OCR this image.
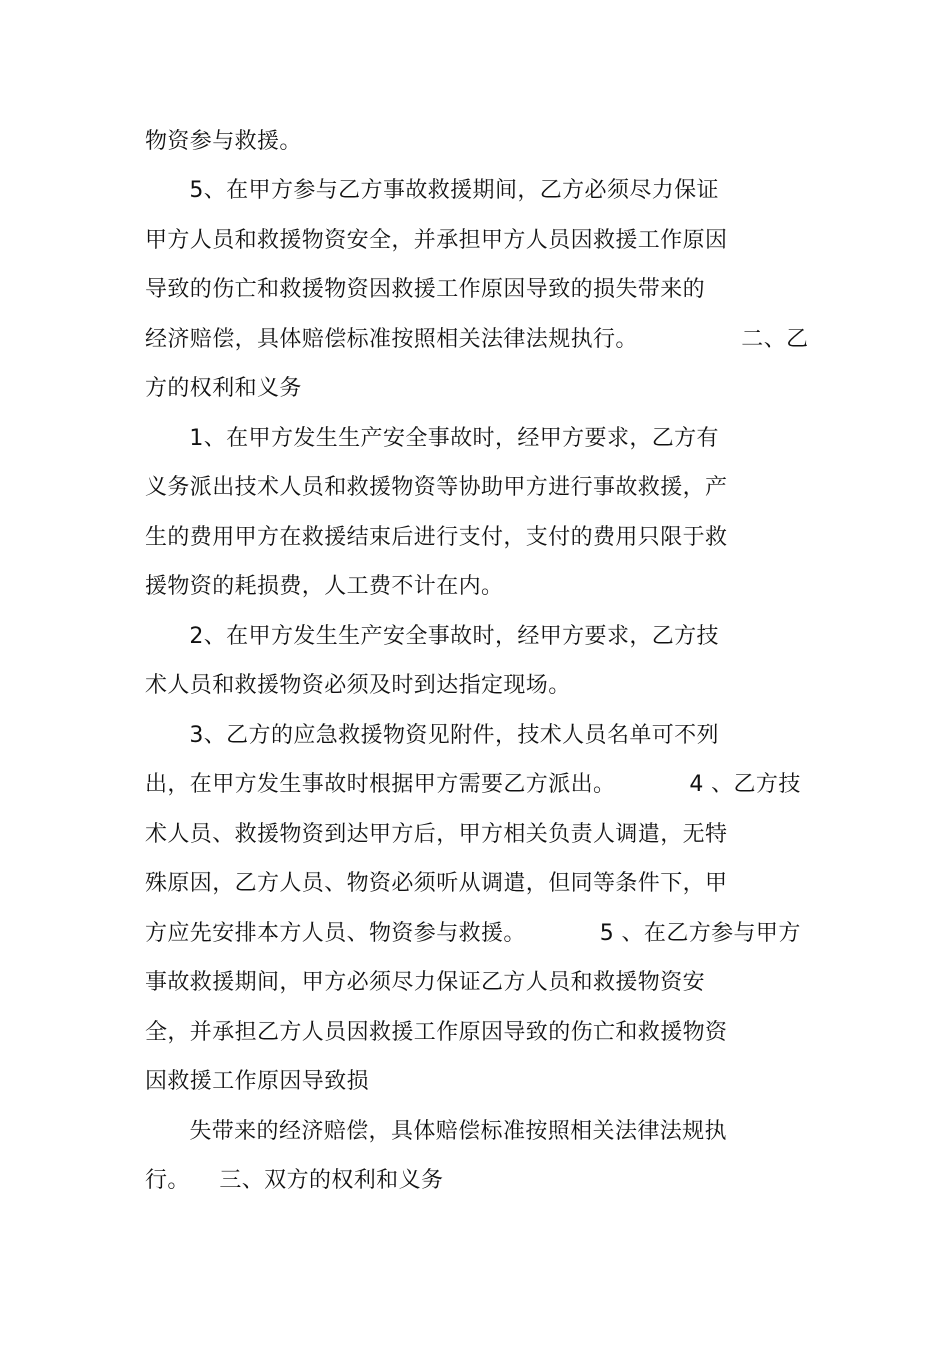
物资参与救援。
5、在甲方参与乙方事故救援期间，乙方必须尽力保证
甲方人员和救援物资安全，并承担甲方人员因救援工作原因
导致的伤亡和救援物资因救援工作原因导致的损失带来的
经济赔偿，具体赔偿标准按照相关法律法规执行。              二、乙
方的权利和义务
1、在甲方发生生产安全事故时，经甲方要求，乙方有
义务派出技术人员和救援物资等协助甲方进行事故救援，产
生的费用甲方在救援结束后进行支付，支付的费用只限于救
援物资的耗损费，人工费不计在内。
2、在甲方发生生产安全事故时，经甲方要求，乙方技
术人员和救援物资必须及时到达指定现场。
3、乙方的应急救援物资见附件，技术人员名单可不列
出，在甲方发生事故时根据甲方需要乙方派出。          4 、乙方技
术人员、救援物资到达甲方后，甲方相关负责人调遣，无特
殊原因，乙方人员、物资必须听从调遣，但同等条件下，甲
方应先安排本方人员、物资参与救援。          5 、在乙方参与甲方
事故救援期间，甲方必须尽力保证乙方人员和救援物资安
全，并承担乙方人员因救援工作原因导致的伤亡和救援物资
因救援工作原因导致损
失带来的经济赔偿，具体赔偿标准按照相关法律法规执
行。    三、双方的权利和义务
